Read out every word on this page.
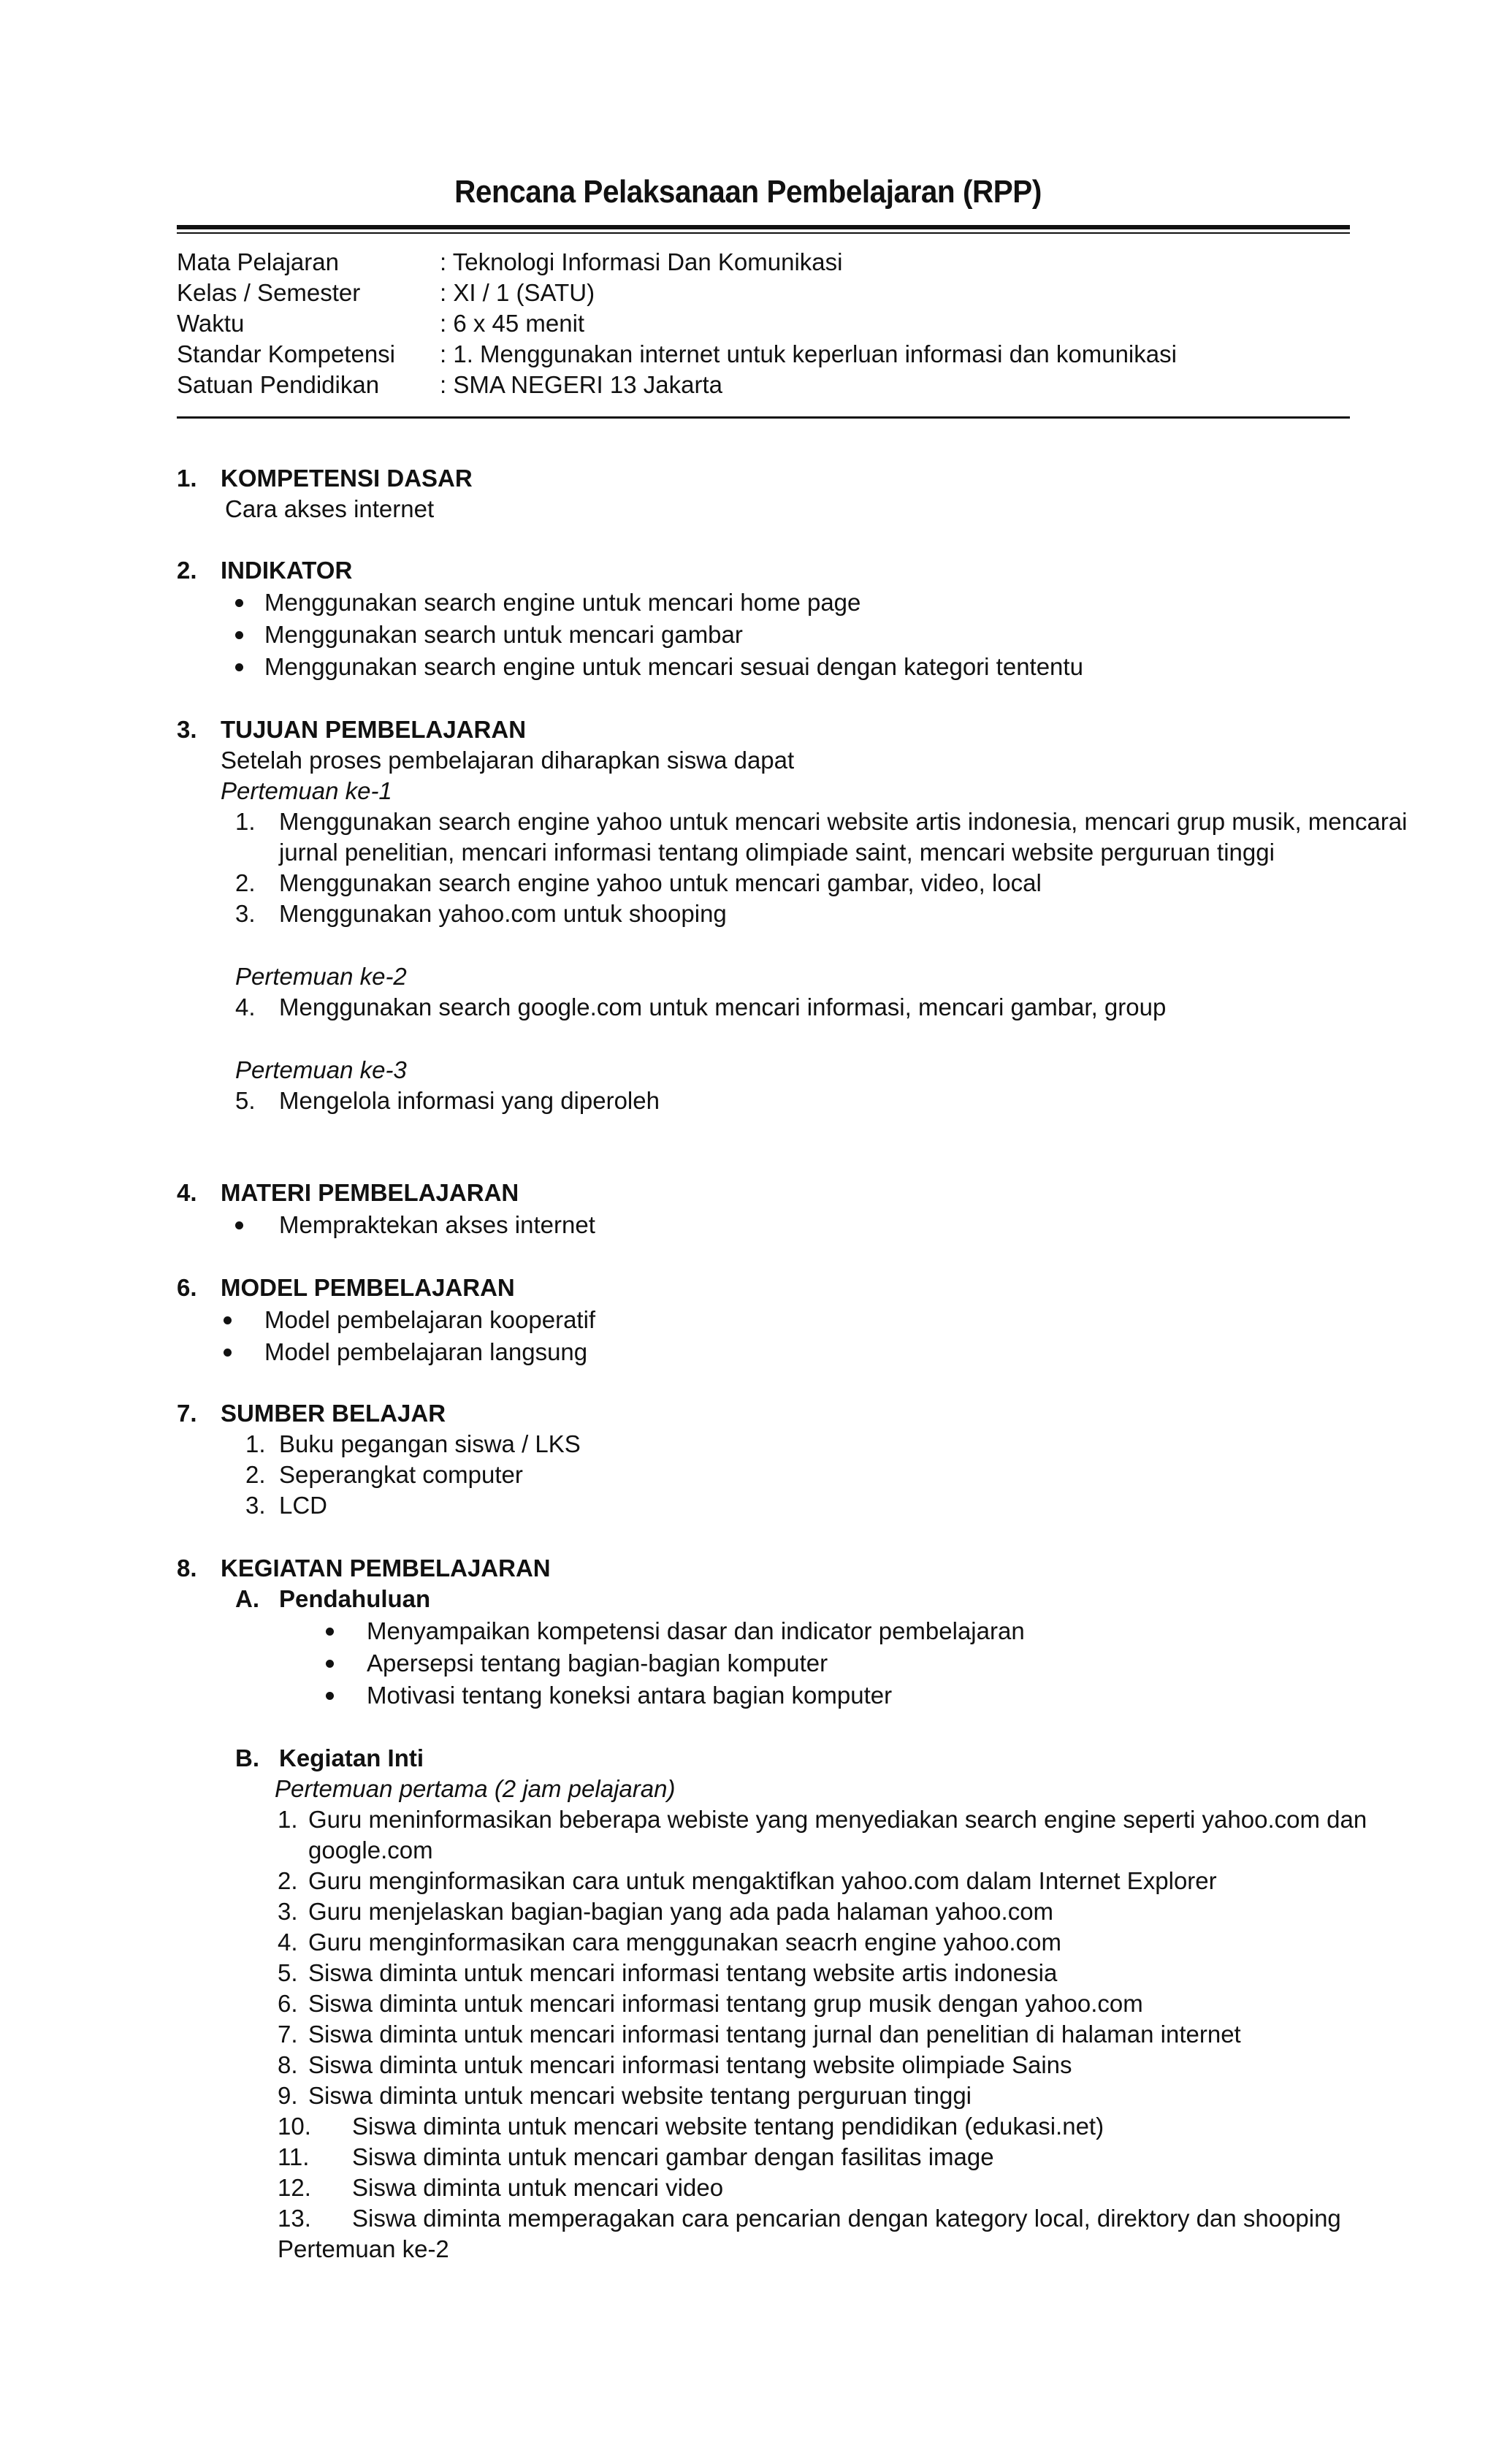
Rencana Pelaksanaan Pembelajaran (RPP)
Mata Pelajaran	: Teknologi Informasi Dan Komunikasi
Kelas / Semester	: XI / 1 (SATU)
Waktu	: 6 x 45 menit
Standar Kompetensi : 1. Menggunakan internet untuk keperluan informasi dan komunikasi
Satuan Pendidikan	: SMA NEGERI 13 Jakarta
1. KOMPETENSI DASAR
Cara akses internet
2. INDIKATOR
Menggunakan search engine untuk mencari home page
Menggunakan search untuk mencari gambar
Menggunakan search engine untuk mencari sesuai dengan kategori tententu
3. TUJUAN PEMBELAJARAN
Setelah proses pembelajaran diharapkan siswa dapat
Pertemuan ke-1
1. Menggunakan search engine yahoo untuk mencari website artis indonesia, mencari grup musik, mencarai
jurnal penelitian, mencari informasi tentang olimpiade saint, mencari website perguruan tinggi
2. Menggunakan search engine yahoo untuk mencari gambar, video, local
3. Menggunakan yahoo.com untuk shooping
Pertemuan ke-2
4. Menggunakan search google.com untuk mencari informasi, mencari gambar, group
Pertemuan ke-3
5. Mengelola informasi yang diperoleh
4. MATERI PEMBELAJARAN
Mempraktekan akses internet
6. MODEL PEMBELAJARAN
Model pembelajaran kooperatif
Model pembelajaran langsung
7. SUMBER BELAJAR
1. Buku pegangan siswa / LKS
2. Seperangkat computer
3. LCD
8. KEGIATAN PEMBELAJARAN
A. Pendahuluan
Menyampaikan kompetensi dasar dan indicator pembelajaran
Apersepsi tentang bagian-bagian komputer
Motivasi tentang koneksi antara bagian komputer
B. Kegiatan Inti
Pertemuan pertama (2 jam pelajaran)
1. Guru meninformasikan beberapa webiste yang menyediakan search engine seperti yahoo.com dan
google.com
2. Guru menginformasikan cara untuk mengaktifkan yahoo.com dalam Internet Explorer
3. Guru menjelaskan bagian-bagian yang ada pada halaman yahoo.com
4. Guru menginformasikan cara menggunakan seacrh engine yahoo.com
5. Siswa diminta untuk mencari informasi tentang website artis indonesia
6. Siswa diminta untuk mencari informasi tentang grup musik dengan yahoo.com
7. Siswa diminta untuk mencari informasi tentang jurnal dan penelitian di halaman internet
8. Siswa diminta untuk mencari informasi tentang website olimpiade Sains
9. Siswa diminta untuk mencari website tentang perguruan tinggi
10. Siswa diminta untuk mencari website tentang pendidikan (edukasi.net)
11. Siswa diminta untuk mencari gambar dengan fasilitas image
12. Siswa diminta untuk mencari video
13. Siswa diminta memperagakan cara pencarian dengan kategory local, direktory dan shooping
Pertemuan ke-2
